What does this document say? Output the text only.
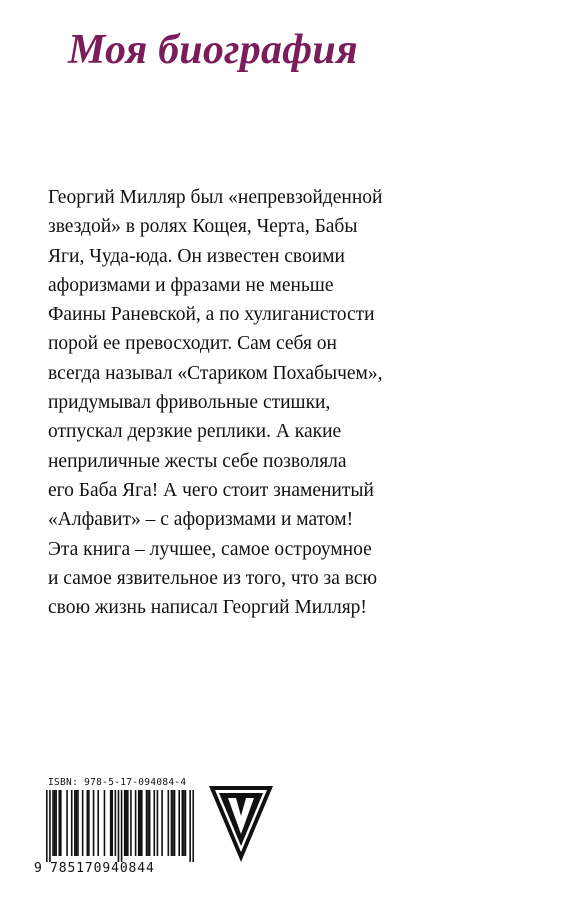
Моя биография
Георгий Милляр был «непревзойденной
звездой» в ролях Кощея, Черта, Бабы
Яги, Чуда-юда. Он известен своими
афоризмами и фразами не меньше
Фаины Раневской, а по хулиганистости
порой ее превосходит. Сам себя он
всегда называл «Стариком Похабычем»,
придумывал фривольные стишки,
отпускал дерзкие реплики. А какие
неприличные жесты себе позволяла
его Баба Яга! А чего стоит знаменитый
«Алфавит» – с афоризмами и матом!
Эта книга – лучшее, самое остроумное
и самое язвительное из того, что за всю
свою жизнь написал Георгий Милляр!
ISBN: 978-5-17-094084-4
9 785170940844
